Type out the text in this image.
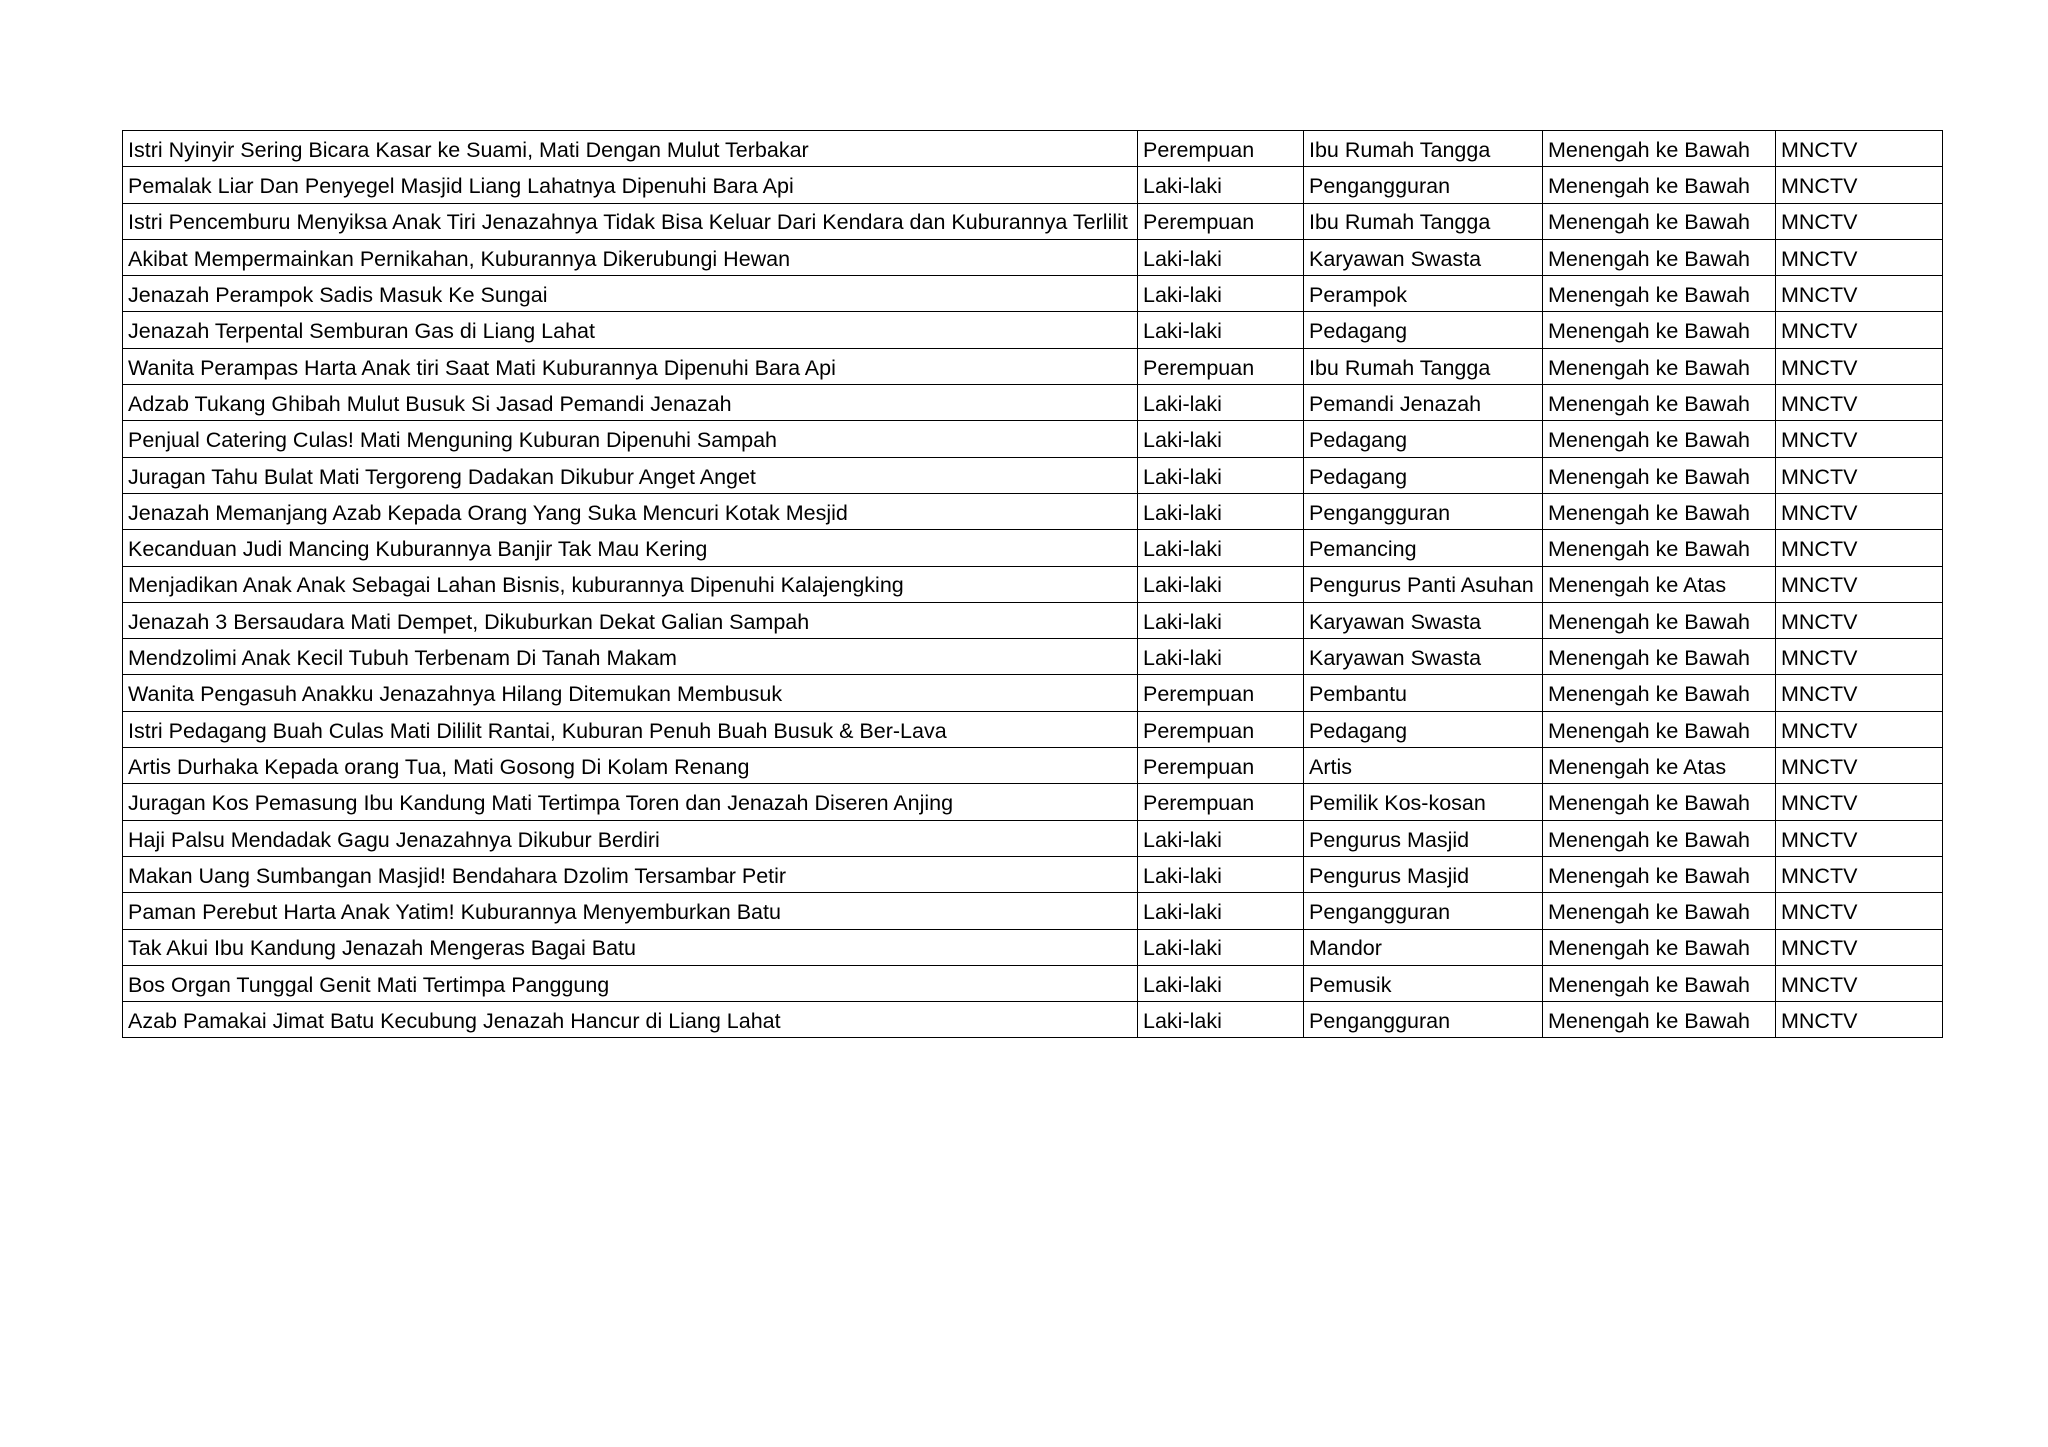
Istri Nyinyir Sering Bicara Kasar ke Suami, Mati Dengan Mulut Terbakar	Perempuan	Ibu Rumah Tangga	Menengah ke Bawah	MNCTV
Pemalak Liar Dan Penyegel Masjid Liang Lahatnya Dipenuhi Bara Api	Laki-laki	Pengangguran	Menengah ke Bawah	MNCTV
Istri Pencemburu Menyiksa Anak Tiri Jenazahnya Tidak Bisa Keluar Dari Kendara dan Kuburannya Terlilit	Perempuan	Ibu Rumah Tangga	Menengah ke Bawah	MNCTV
Akibat Mempermainkan Pernikahan, Kuburannya Dikerubungi Hewan	Laki-laki	Karyawan Swasta	Menengah ke Bawah	MNCTV
Jenazah Perampok Sadis Masuk Ke Sungai	Laki-laki	Perampok	Menengah ke Bawah	MNCTV
Jenazah Terpental Semburan Gas di Liang Lahat	Laki-laki	Pedagang	Menengah ke Bawah	MNCTV
Wanita Perampas Harta Anak tiri Saat Mati Kuburannya Dipenuhi Bara Api	Perempuan	Ibu Rumah Tangga	Menengah ke Bawah	MNCTV
Adzab Tukang Ghibah Mulut Busuk Si Jasad Pemandi Jenazah	Laki-laki	Pemandi Jenazah	Menengah ke Bawah	MNCTV
Penjual Catering Culas! Mati Menguning Kuburan Dipenuhi Sampah	Laki-laki	Pedagang	Menengah ke Bawah	MNCTV
Juragan Tahu Bulat Mati Tergoreng Dadakan Dikubur Anget Anget	Laki-laki	Pedagang	Menengah ke Bawah	MNCTV
Jenazah Memanjang Azab Kepada Orang Yang Suka Mencuri Kotak Mesjid	Laki-laki	Pengangguran	Menengah ke Bawah	MNCTV
Kecanduan Judi Mancing Kuburannya Banjir Tak Mau Kering	Laki-laki	Pemancing	Menengah ke Bawah	MNCTV
Menjadikan Anak Anak Sebagai Lahan Bisnis, kuburannya Dipenuhi Kalajengking	Laki-laki	Pengurus Panti Asuhan	Menengah ke Atas	MNCTV
Jenazah 3 Bersaudara Mati Dempet, Dikuburkan Dekat Galian Sampah	Laki-laki	Karyawan Swasta	Menengah ke Bawah	MNCTV
Mendzolimi Anak Kecil Tubuh Terbenam Di Tanah Makam	Laki-laki	Karyawan Swasta	Menengah ke Bawah	MNCTV
Wanita Pengasuh Anakku Jenazahnya Hilang Ditemukan Membusuk	Perempuan	Pembantu	Menengah ke Bawah	MNCTV
Istri Pedagang Buah Culas Mati Dililit Rantai, Kuburan Penuh Buah Busuk & Ber-Lava	Perempuan	Pedagang	Menengah ke Bawah	MNCTV
Artis Durhaka Kepada orang Tua, Mati Gosong Di Kolam Renang	Perempuan	Artis	Menengah ke Atas	MNCTV
Juragan Kos Pemasung Ibu Kandung Mati Tertimpa Toren dan Jenazah Diseren Anjing	Perempuan	Pemilik Kos-kosan	Menengah ke Bawah	MNCTV
Haji Palsu Mendadak Gagu Jenazahnya Dikubur Berdiri	Laki-laki	Pengurus Masjid	Menengah ke Bawah	MNCTV
Makan Uang Sumbangan Masjid! Bendahara Dzolim Tersambar Petir	Laki-laki	Pengurus Masjid	Menengah ke Bawah	MNCTV
Paman Perebut Harta Anak Yatim! Kuburannya Menyemburkan Batu	Laki-laki	Pengangguran	Menengah ke Bawah	MNCTV
Tak Akui Ibu Kandung Jenazah Mengeras Bagai Batu	Laki-laki	Mandor	Menengah ke Bawah	MNCTV
Bos Organ Tunggal Genit Mati Tertimpa Panggung	Laki-laki	Pemusik	Menengah ke Bawah	MNCTV
Azab Pamakai Jimat Batu Kecubung Jenazah Hancur di Liang Lahat	Laki-laki	Pengangguran	Menengah ke Bawah	MNCTV
